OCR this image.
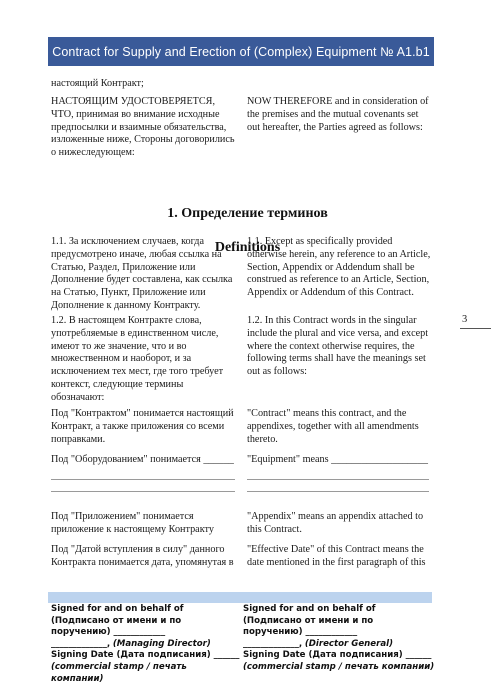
Contract for Supply and Erection of (Complex) Equipment № A1.b1
настоящий Контракт;
НАСТОЯЩИМ УДОСТОВЕРЯЕТСЯ, ЧТО, принимая во внимание исходные предпосылки и взаимные обязательства, изложенные ниже, Стороны договорились о нижеследующем:
NOW THEREFORE and in consideration of the premises and the mutual covenants set out hereafter, the Parties agreed as follows:
1. Определение терминов
Definitions
1.1. За исключением случаев, когда предусмотрено иначе, любая ссылка на Статью, Раздел, Приложение или Дополнение будет составлена, как ссылка на Статью, Пункт, Приложение или Дополнение к данному Контракту.
1.1. Except as specifically provided otherwise herein, any reference to an Article, Section, Appendix or Addendum shall be construed as reference to an Article, Section, Appendix or Addendum of this Contract.
1.2. В настоящем Контракте слова, употребляемые в единственном числе, имеют то же значение, что и во множественном и наоборот, и за исключением тех мест, где того требует контекст, следующие термины обозначают:
1.2. In this Contract words in the singular include the plural and vice versa, and except where the context otherwise requires, the following terms shall have the meanings set out as follows:
3
Под "Контрактом" понимается настоящий Контракт, а также приложения со всеми поправками.
"Contract" means this contract, and the appendixes, together with all amendments thereto.
Под "Оборудованием" понимается ______	"Equipment" means ___________________
Под "Приложением" понимается приложение к настоящему Контракту
"Appendix" means an appendix attached to this Contract.
Под "Датой вступления в силу" данного Контракта понимается дата, упомянутая в
"Effective Date" of this Contract means the date mentioned in the first paragraph of this
Signed for and on behalf of (Подписано от имени и по поручению) ____________
_____________, (Managing Director)
Signing Date (Дата подписания) ______
(commercial stamp / печать компании)
Signed for and on behalf of (Подписано от имени и по поручению) ____________
_____________, (Director General)
Signing Date (Дата подписания) ______
(commercial stamp / печать компании)
